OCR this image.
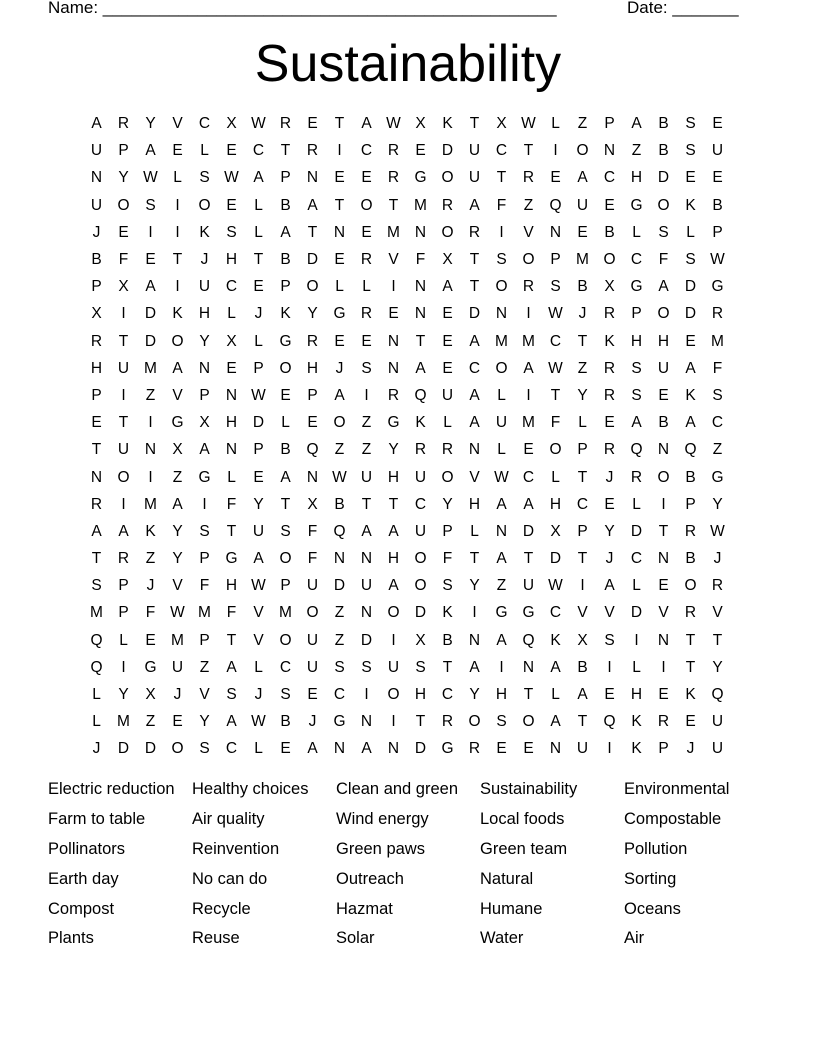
Name: ________________________________________________	Date: _______
Sustainability
A	R	Y	V	C	X W R	E	T	A W X	K	T	X W L	Z	P	A	B	S	E
U	P	A	E	L	E	C	T	R	I	C	R	E	D	U	C	T	I	O N	Z	B	S	U
N	Y W L	S W A	P	N	E	E	R G O U	T	R	E	A	C	H	D	E	E
U O	S	I	O	E	L	B	A	T	O	T	M R	A	F	Z	Q U	E	G O	K	B
J	E	I	I	K	S	L	A	T	N	E M N O R	I	V	N	E	B	L	S	L	P
B	F	E	T	J	H	T	B	D	E	R	V	F	X	T	S	O	P M O C	F	S W
P	X	A	I	U	C	E	P	O	L	L	I	N	A	T	O R	S	B	X	G	A	D G
X	I	D	K	H	L	J	K	Y	G R	E	N	E	D	N	I	W	J	R	P	O D	R
R	T	D O	Y	X	L	G R	E	E	N	T	E	A M M C	T	K	H	H	E M
H	U M A	N	E	P	O H	J	S	N	A	E	C O	A W Z	R	S	U	A	F
P	I	Z	V	P	N W E	P	A	I	R Q U	A	L	I	T	Y	R	S	E	K	S
E	T	I	G	X	H	D	L	E	O	Z	G	K	L	A	U M	F	L	E	A	B	A	C
T	U	N	X	A	N	P	B	Q	Z	Z	Y	R	R	N	L	E	O	P	R Q N Q	Z
N O	I	Z	G	L	E	A	N W U	H	U O	V W C	L	T	J	R O	B	G
R	I	M A	I	F	Y	T	X	B	T	T	C	Y	H	A	A	H	C	E	L	I	P	Y
A	A	K	Y	S	T	U	S	F	Q	A	A	U	P	L	N	D	X	P	Y	D	T	R W
T	R	Z	Y	P	G	A	O	F	N	N	H O	F	T	A	T	D	T	J	C	N	B	J
S	P	J	V	F	H W P	U	D	U	A	O	S	Y	Z	U W	I	A	L	E	O R
M P	F W M	F	V M O	Z	N O D	K	I	G G C	V	V	D	V	R	V
Q	L	E M P	T	V	O U	Z	D	I	X	B	N	A	Q	K	X	S	I	N	T	T
Q	I	G U	Z	A	L	C	U	S	S	U	S	T	A	I	N	A	B	I	L	I	T	Y
L	Y	X	J	V	S	J	S	E	C	I	O H	C	Y	H	T	L	A	E	H	E	K	Q
L	M	Z	E	Y	A W B	J	G N	I	T	R O	S	O	A	T	Q	K	R	E	U
J	D	D O	S	C	L	E	A	N	A	N	D G R	E	E	N	U	I	K	P	J	U
Electric reduction	Healthy choices	Clean and green	Sustainability	Environmental
Farm to table	Air quality	Wind energy	Local foods	Compostable
Pollinators	Reinvention	Green paws	Green team	Pollution
Earth day	No can do	Outreach	Natural	Sorting
Compost	Recycle	Hazmat	Humane	Oceans
Plants	Reuse	Solar	Water	Air
